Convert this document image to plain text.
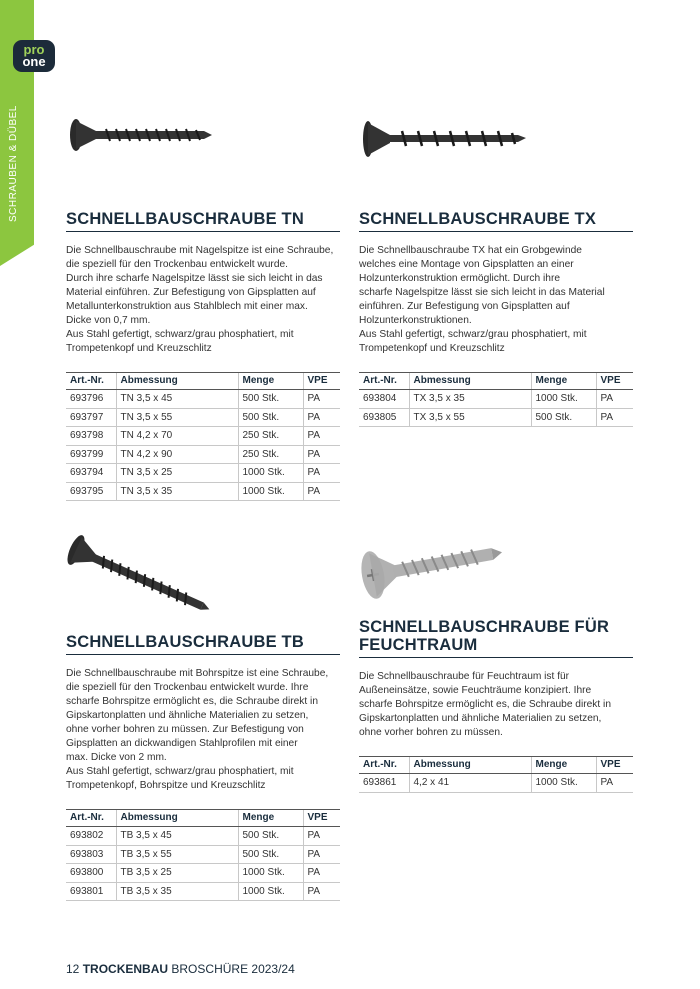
pro
one
SCHRAUBEN & DÜBEL	SCHNELLBAUSCHRAUBE TN
Die Schnellbauschraube mit Nagelspitze ist eine Schraube,
die speziell für den Trockenbau entwickelt wurde.
Durch ihre scharfe Nagelspitze lässt sie sich leicht in das
Material einführen. Zur Befestigung von Gipsplatten auf
Metallunterkonstruktion aus Stahlblech mit einer max.
Dicke von 0,7 mm.
Aus Stahl gefertigt, schwarz/grau phosphatiert, mit
Trompetenkopf und Kreuzschlitz
Art.-Nr.	Abmessung	Menge	VPE
693796	TN 3,5 x 45	500 Stk.	PA
693797	TN 3,5 x 55	500 Stk.	PA
693798	TN 4,2 x 70	250 Stk.	PA
693799	TN 4,2 x 90	250 Stk.	PA
693794	TN 3,5 x 25	1000 Stk.	PA
693795	TN 3,5 x 35	1000 Stk.	PA
SCHNELLBAUSCHRAUBE TX
Die Schnellbauschraube TX hat ein Grobgewinde
welches eine Montage von Gipsplatten an einer
Holzunterkonstruktion ermöglicht. Durch ihre
scharfe Nagelspitze lässt sie sich leicht in das Material
einführen. Zur Befestigung von Gipsplatten auf
Holzunterkonstruktionen.
Aus Stahl gefertigt, schwarz/grau phosphatiert, mit
Trompetenkopf und Kreuzschlitz
Art.-Nr.	Abmessung	Menge	VPE
693804	TX 3,5 x 35	1000 Stk.	PA
693805	TX 3,5 x 55	500 Stk.	PA
SCHNELLBAUSCHRAUBE TB
Die Schnellbauschraube mit Bohrspitze ist eine Schraube,
die speziell für den Trockenbau entwickelt wurde. Ihre
scharfe Bohrspitze ermöglicht es, die Schraube direkt in
Gipskartonplatten und ähnliche Materialien zu setzen,
ohne vorher bohren zu müssen. Zur Befestigung von
Gipsplatten an dickwandigen Stahlprofilen mit einer
max. Dicke von 2 mm.
Aus Stahl gefertigt, schwarz/grau phosphatiert, mit
Trompetenkopf, Bohrspitze und Kreuzschlitz
Art.-Nr.	Abmessung	Menge	VPE
693802	TB 3,5 x 45	500 Stk.	PA
693803	TB 3,5 x 55	500 Stk.	PA
693800	TB 3,5 x 25	1000 Stk.	PA
693801	TB 3,5 x 35	1000 Stk.	PA
SCHNELLBAUSCHRAUBE FÜR FEUCHTRAUM
Die Schnellbauschraube für Feuchtraum ist für
Außeneinsätze, sowie Feuchträume konzipiert. Ihre
scharfe Bohrspitze ermöglicht es, die Schraube direkt in
Gipskartonplatten und ähnliche Materialien zu setzen,
ohne vorher bohren zu müssen.
Art.-Nr.	Abmessung	Menge	VPE
693861	4,2 x 41	1000 Stk.	PA
12 TROCKENBAU BROSCHÜRE 2023/24
